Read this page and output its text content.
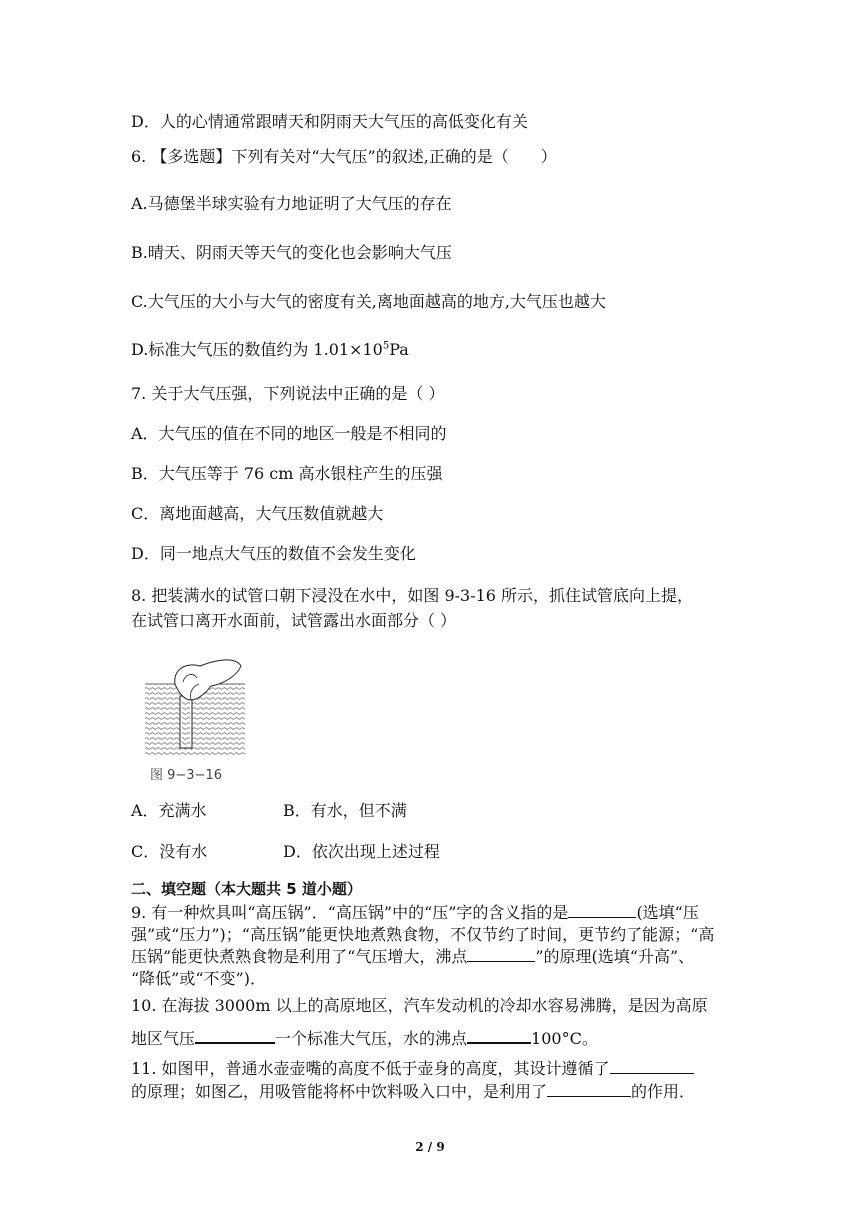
D．人的心情通常跟晴天和阴雨天大气压的高低变化有关
6. 【多选题】下列有关对“大气压”的叙述,正确的是（　　）
A.马德堡半球实验有力地证明了大气压的存在
B.晴天、阴雨天等天气的变化也会影响大气压
C.大气压的大小与大气的密度有关,离地面越高的地方,大气压也越大
D.标准大气压的数值约为 $1.01\times 10^5Pa$
7. 关于大气压强，下列说法中正确的是（ ）
A．大气压的值在不同的地区一般是不相同的
B．大气压等于 76 cm 高水银柱产生的压强
C．离地面越高，大气压数值就越大
D．同一地点大气压的数值不会发生变化
8. 把装满水的试管口朝下浸没在水中，如图 9-3-16 所示，抓住试管底向上提，
在试管口离开水面前，试管露出水面部分（ ）
图 9−3−16
A．充满水	B．有水，但不满
C．没有水	D．依次出现上述过程
二、填空题（本大题共 5 道小题）
9. 有一种炊具叫“高压锅”．“高压锅”中的“压”字的含义指的是	(选填“压
强”或“压力”)；“高压锅”能更快地煮熟食物，不仅节约了时间，更节约了能源；“高
压锅”能更快煮熟食物是利用了“气压增大，沸点	”的原理(选填“升高”、
“降低”或“不变”)．
10. 在海拔 3000m 以上的高原地区，汽车发动机的冷却水容易沸腾，是因为高原
地区气压	一个标准大气压，水的沸点	100°C。
11. 如图甲，普通水壶壶嘴的高度不低于壶身的高度，其设计遵循了
的原理；如图乙，用吸管能将杯中饮料吸入口中，是利用了	的作用．
2 / 9
